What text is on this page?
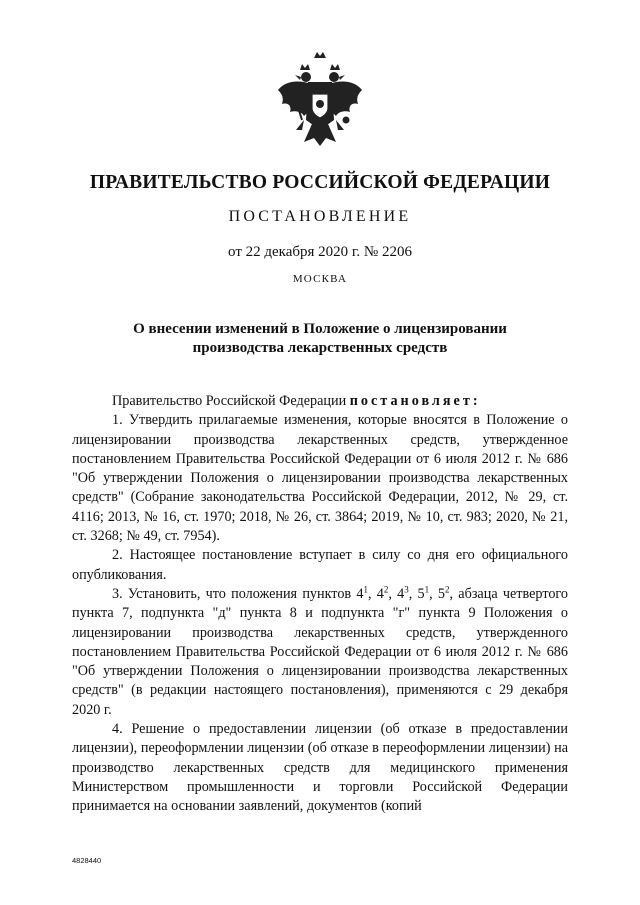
ПРАВИТЕЛЬСТВО РОССИЙСКОЙ ФЕДЕРАЦИИ
ПОСТАНОВЛЕНИЕ
от 22 декабря 2020 г. № 2206
МОСКВА
О внесении изменений в Положение о лицензировании
производства лекарственных средств

Правительство Российской Федерации постановляет:

1. Утвердить прилагаемые изменения, которые вносятся в Положение о лицензировании производства лекарственных средств, утвержденное постановлением Правительства Российской Федерации от 6 июля 2012 г. № 686 "Об утверждении Положения о лицензировании производства лекарственных средств" (Собрание законодательства Российской Федерации, 2012, № 29, ст. 4116; 2013, № 16, ст. 1970; 2018, № 26, ст. 3864; 2019, № 10, ст. 983; 2020, № 21, ст. 3268; № 49, ст. 7954).

2. Настоящее постановление вступает в силу со дня его официального опубликования.

3. Установить, что положения пунктов $4^1$, $4^2$, $4^3$, $5^1$, $5^2$, абзаца четвертого пункта 7, подпункта "д" пункта 8 и подпункта "г" пункта 9 Положения о лицензировании производства лекарственных средств, утвержденного постановлением Правительства Российской Федерации от 6 июля 2012 г. № 686 "Об утверждении Положения о лицензировании производства лекарственных средств" (в редакции настоящего постановления), применяются с 29 декабря 2020 г.

4. Решение о предоставлении лицензии (об отказе в предоставлении лицензии), переоформлении лицензии (об отказе в переоформлении лицензии) на производство лекарственных средств для медицинского применения Министерством промышленности и торговли Российской Федерации принимается на основании заявлений, документов (копий

4828440
